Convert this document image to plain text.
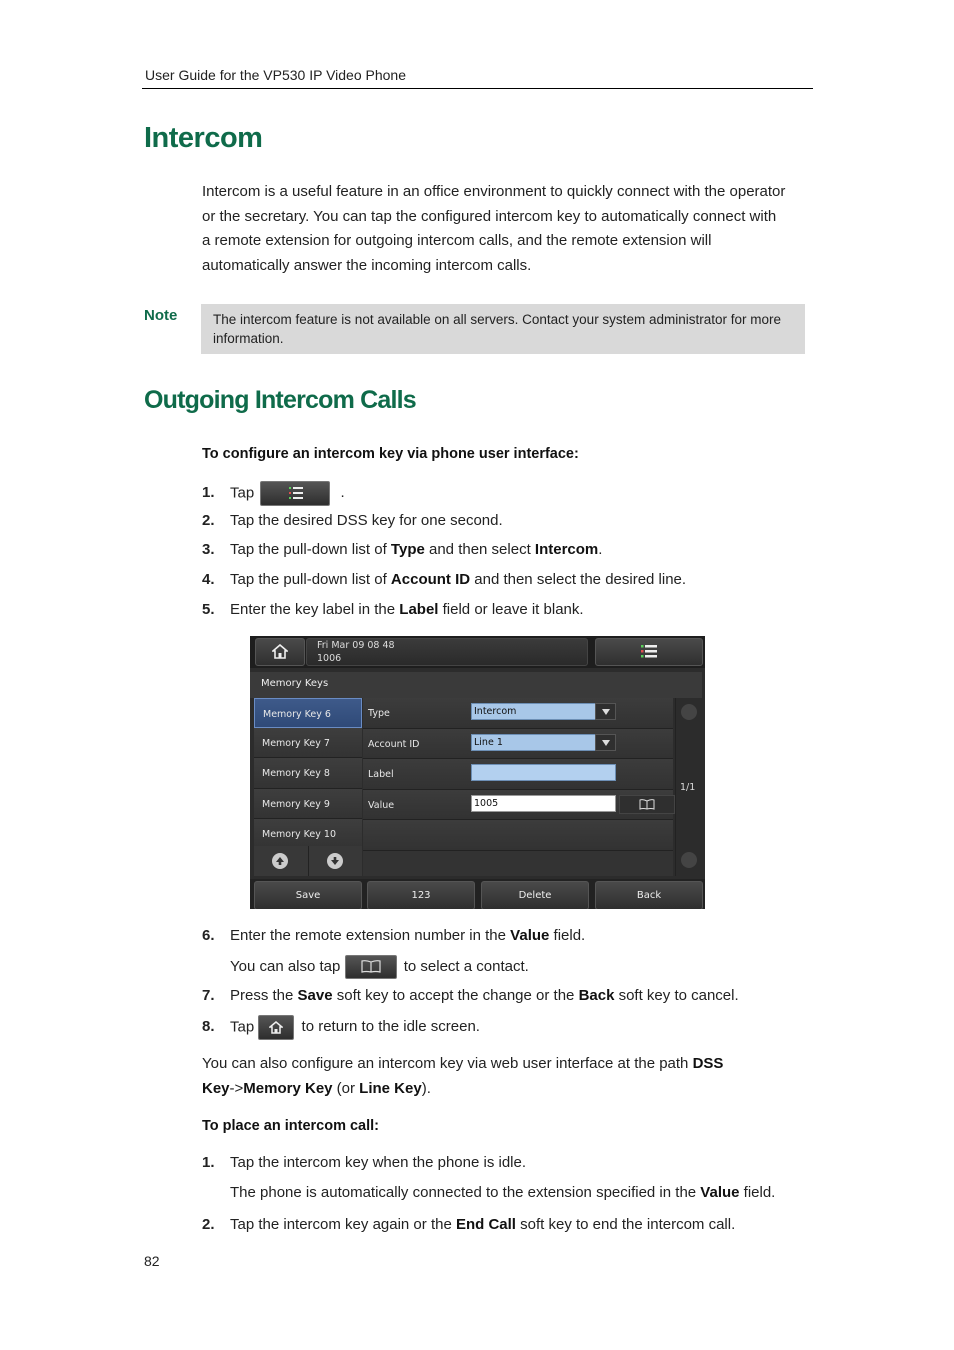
User Guide for the VP530 IP Video Phone
Intercom
Intercom is a useful feature in an office environment to quickly connect with the operator
or the secretary. You can tap the configured intercom key to automatically connect with
a remote extension for outgoing intercom calls, and the remote extension will
automatically answer the incoming intercom calls.
Note	The intercom feature is not available on all servers. Contact your system administrator for more information.
Outgoing Intercom Calls
To configure an intercom key via phone user interface:
1. Tap	.
2. Tap the desired DSS key for one second.
3. Tap the pull-down list of Type and then select Intercom.
4. Tap the pull-down list of Account ID and then select the desired line.
5. Enter the key label in the Label field or leave it blank.
Fri Mar 09 08 48
1006
Memory Keys
Memory Key 6
Memory Key 7
Memory Key 8
Memory Key 9
Memory Key 10
Type	Intercom
Account ID	Line 1
Label
Value	1005
1/1
Save	123	Delete	Back
6. Enter the remote extension number in the Value field.
You can also tap	to select a contact.
7. Press the Save soft key to accept the change or the Back soft key to cancel.
8. Tap	to return to the idle screen.
You can also configure an intercom key via web user interface at the path DSS
Key->Memory Key (or Line Key).
To place an intercom call:
1. Tap the intercom key when the phone is idle.
The phone is automatically connected to the extension specified in the Value field.
2. Tap the intercom key again or the End Call soft key to end the intercom call.
82
